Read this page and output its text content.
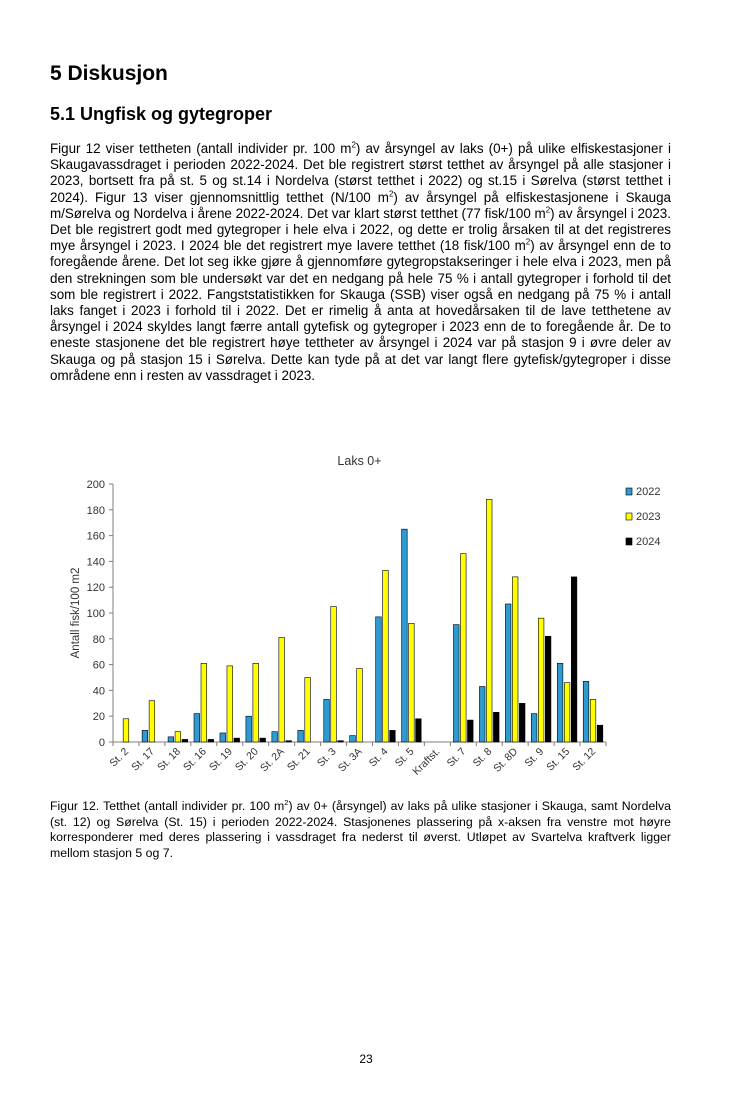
5 Diskusjon
5.1 Ungfisk og gytegroper

Figur 12 viser tettheten (antall individer pr. 100 $m^2$) av årsyngel av laks (0+) på ulike elfiskestasjoner i Skaugavassdraget i perioden 2022-2024. Det ble registrert størst tetthet av årsyngel på alle stasjoner i 2023, bortsett fra på st. 5 og st.14 i Nordelva (størst tetthet i 2022) og st.15 i Sørelva (størst tetthet i 2024). Figur 13 viser gjennomsnittlig tetthet (N/100 $m^2$) av årsyngel på elfiskestasjonene i Skauga m/Sørelva og Nordelva i årene 2022-2024. Det var klart størst tetthet (77 fisk/100 $m^2$) av årsyngel i 2023. Det ble registrert godt med gytegroper i hele elva i 2022, og dette er trolig årsaken til at det registreres mye årsyngel i 2023. I 2024 ble det registrert mye lavere tetthet (18 fisk/100 $m^2$) av årsyngel enn de to foregående årene. Det lot seg ikke gjøre å gjennomføre gytegropstakseringer i hele elva i 2023, men på den strekningen som ble undersøkt var det en nedgang på hele 75 % i antall gytegroper i forhold til det som ble registrert i 2022. Fangststatistikken for Skauga (SSB) viser også en nedgang på 75 % i antall laks fanget i 2023 i forhold til i 2022. Det er rimelig å anta at hovedårsaken til de lave tetthetene av årsyngel i 2024 skyldes langt færre antall gytefisk og gytegroper i 2023 enn de to foregående år. De to eneste stasjonene det ble registrert høye tettheter av årsyngel i 2024 var på stasjon 9 i øvre deler av Skauga og på stasjon 15 i Sørelva. Dette kan tyde på at det var langt flere gytefisk/gytegroper i disse områdene enn i resten av vassdraget i 2023.

Laks 0+
0
20
40
60
80
100
120
140
160
180
200
Antall fisk/100 m2
St. 2
St. 17
St. 18
St. 16
St. 19
St. 20
St. 2A
St. 21 St. 3
St. 3A St. 4 St. 5
Kraftst. St. 7 St. 8
St. 8D St. 9
St. 15
St. 12
2022
2023
2024

Figur 12. Tetthet (antall individer pr. 100 $m^2$) av 0+ (årsyngel) av laks på ulike stasjoner i Skauga, samt Nordelva (st. 12) og Sørelva (St. 15) i perioden 2022-2024. Stasjonenes plassering på x-aksen fra venstre mot høyre korresponderer med deres plassering i vassdraget fra nederst til øverst. Utløpet av Svartelva kraftverk ligger mellom stasjon 5 og 7.

23
